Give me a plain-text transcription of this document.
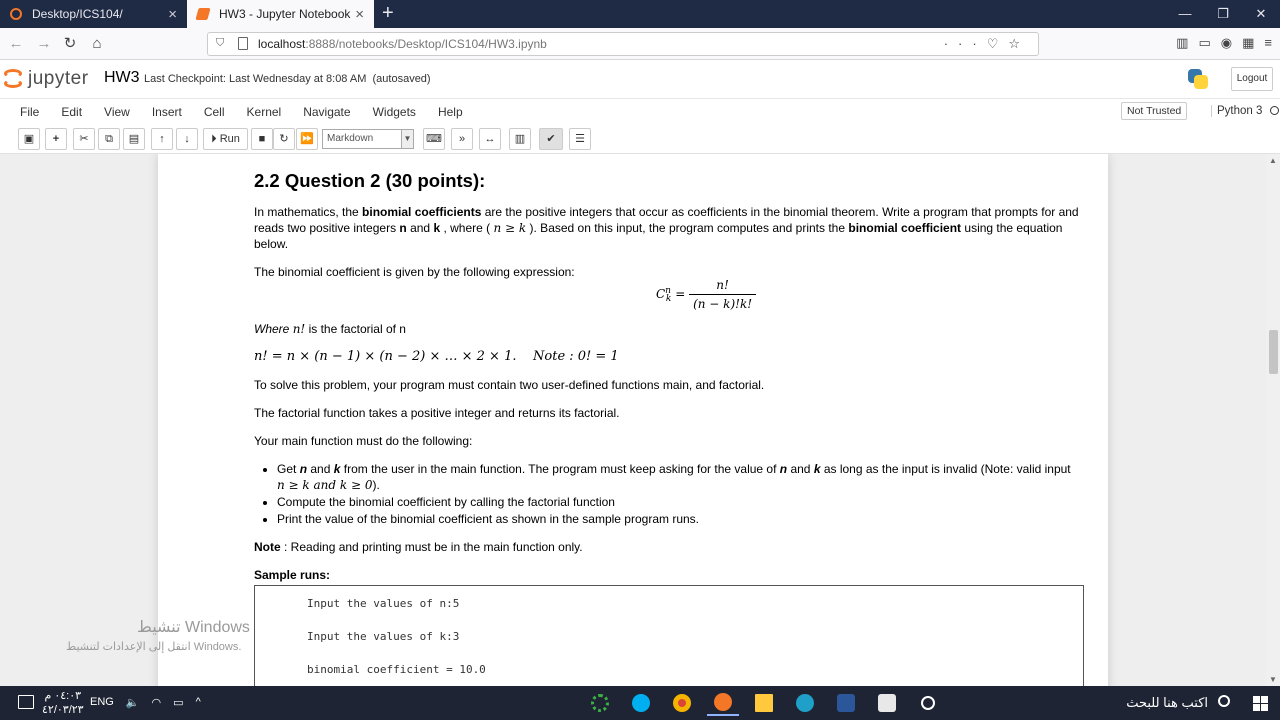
Desktop/ICS104/	×	HW3 - Jupyter Notebook × +	—	❐	✕
← → ↻	⌂	⛉	localhost:8888/notebooks/Desktop/ICS104/HW3.ipynb	···♡☆	▥ ▭ ◉ ▦ ≡
jupyter HW3 Last Checkpoint: Last Wednesday at 8:08 AM (autosaved)	Logout
File Edit View Insert Cell Kernel Navigate Widgets Help	Not Trusted	Python 3
▣	+	✂	⧉	▤	↑	↓	⏵ Run	■	↻	⏩	Markdown	▼ ⌨	»	↔	▥	✔	☰
2.2 Question 2 (30 points):

In mathematics, the binomial coefficients are the positive integers that occur as coefficients in the binomial theorem. Write a program that prompts for and reads two positive integers n and k , where ( n ≥ k ). Based on this input, the program computes and prints the binomial coefficient using the equation below.

The binomial coefficient is given by the following expression:

$C^n_k = \frac{n!}{(n - k)!k!}$

Where n! is the factorial of n

n! = n × (n − 1) × (n − 2) × … × 2 × 1. Note : 0! = 1

To solve this problem, your program must contain two user-defined functions main, and factorial.

The factorial function takes a positive integer and returns its factorial.

Your main function must do the following:

• Get n and k from the user in the main function. The program must keep asking for the value of n and k as long as the input is invalid (Note: valid input
n ≥ k and k ≥ 0).
• Compute the binomial coefficient by calling the factorial function
• Print the value of the binomial coefficient as shown in the sample program runs.

Note : Reading and printing must be in the main function only.

Sample runs:

Input the values of n:5
Input the values of k:3
binomial coefficient = 10.0
▲
▼
تنشيط Windows
انتقل إلى الإعدادات لتنشيط Windows.
٠٤:٠٣ م
٤٢/٠٣/٢٣
ENG 🔈 ◠ ▭ ^	اكتب هنا للبحث
